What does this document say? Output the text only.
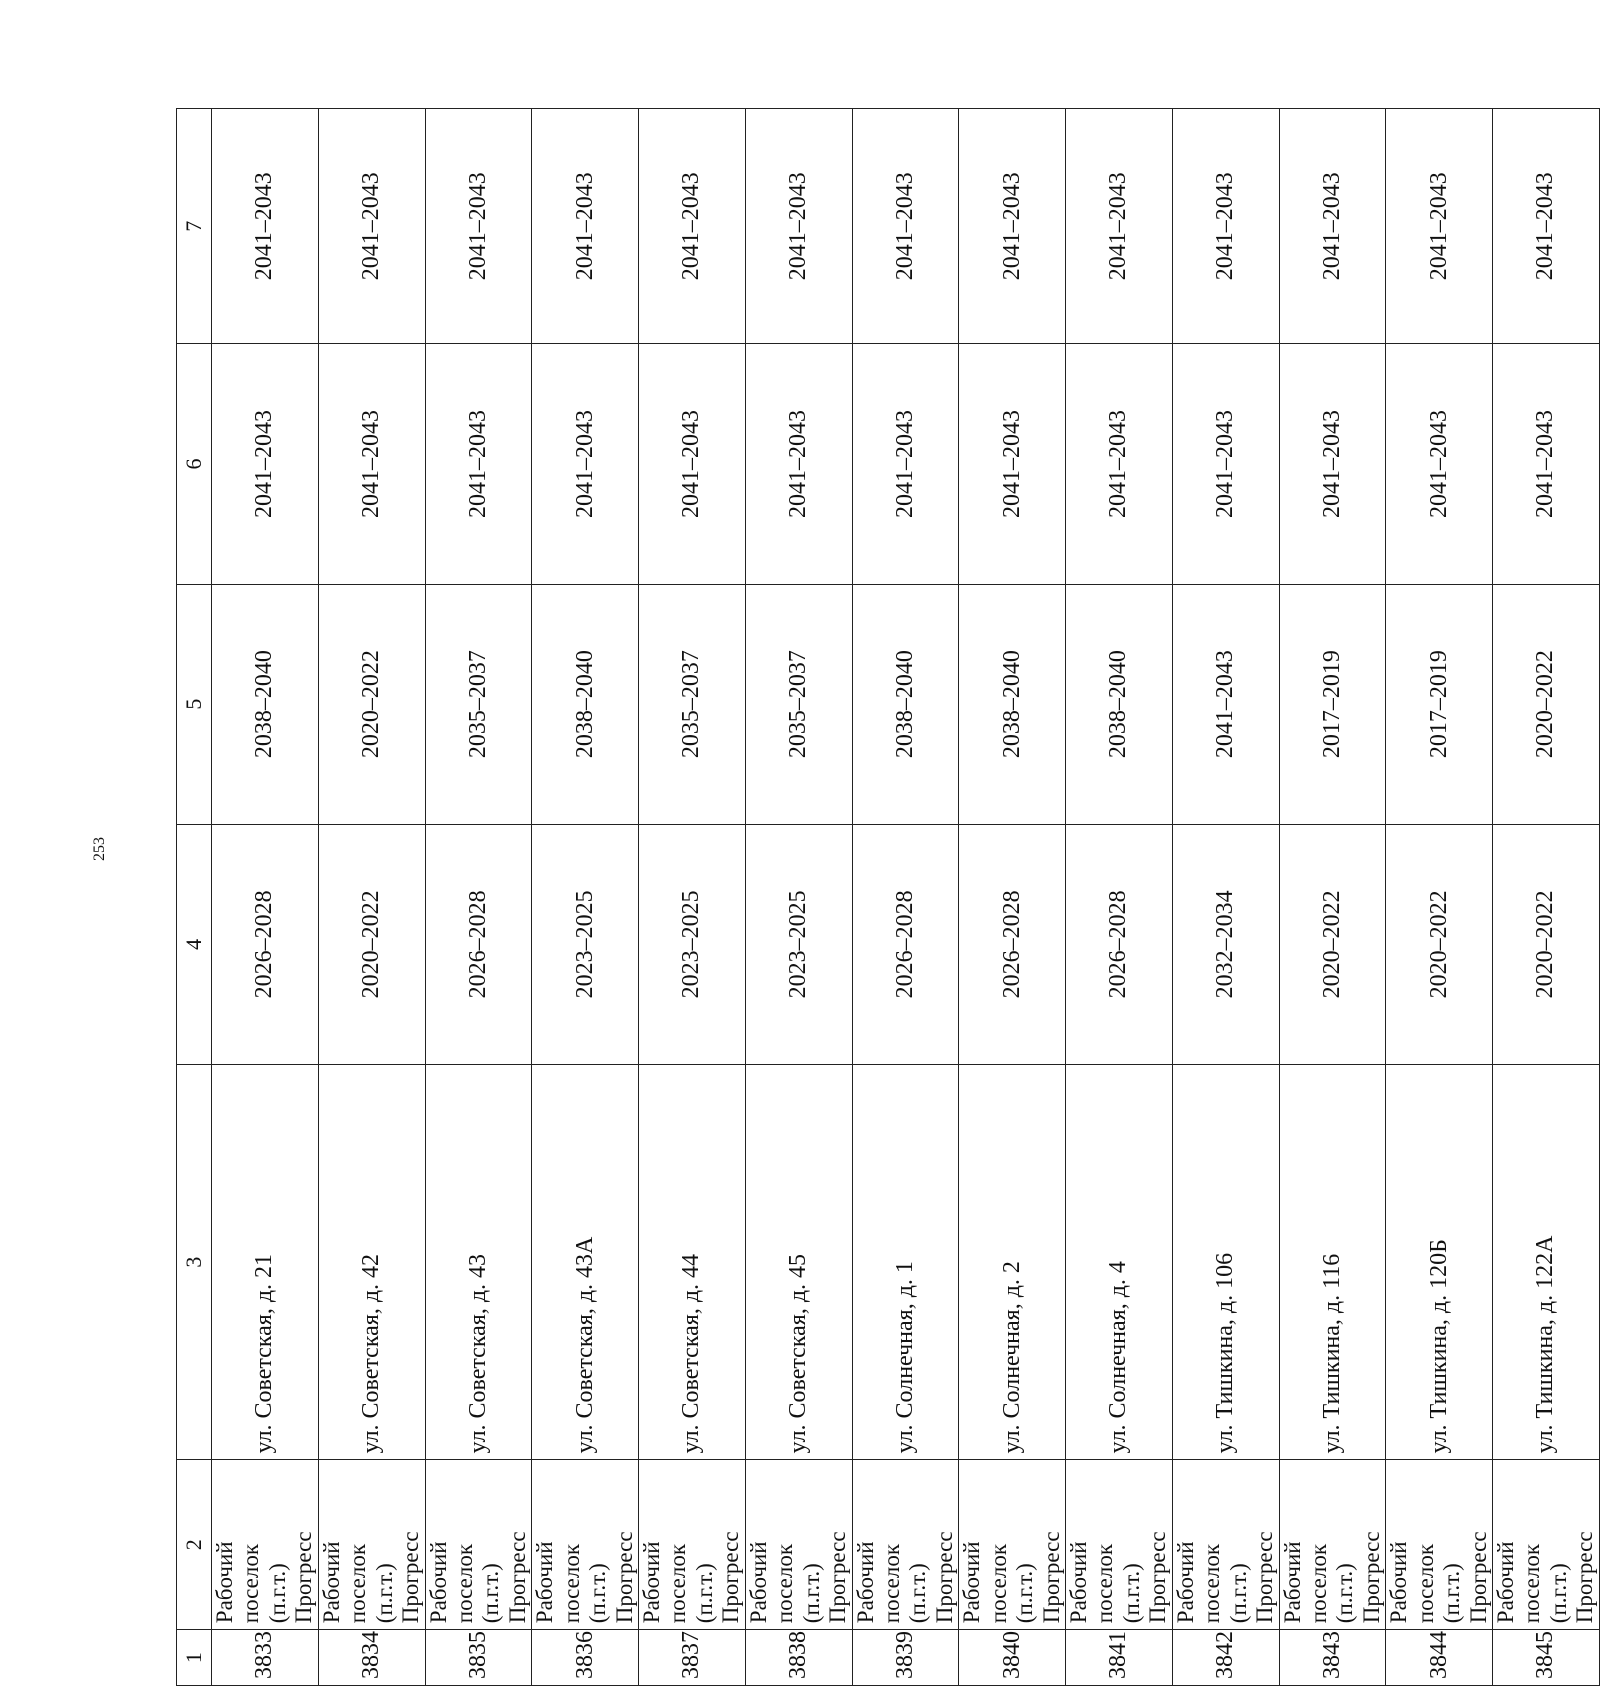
253
1	2	3	4	5	6	7
3833	Рабочий поселок (п.г.т.) Прогресс	ул. Советская, д. 21	2026–2028	2038–2040	2041–2043	2041–2043
3834	Рабочий поселок (п.г.т.) Прогресс	ул. Советская, д. 42	2020–2022	2020–2022	2041–2043	2041–2043
3835	Рабочий поселок (п.г.т.) Прогресс	ул. Советская, д. 43	2026–2028	2035–2037	2041–2043	2041–2043
3836	Рабочий поселок (п.г.т.) Прогресс	ул. Советская, д. 43А	2023–2025	2038–2040	2041–2043	2041–2043
3837	Рабочий поселок (п.г.т.) Прогресс	ул. Советская, д. 44	2023–2025	2035–2037	2041–2043	2041–2043
3838	Рабочий поселок (п.г.т.) Прогресс	ул. Советская, д. 45	2023–2025	2035–2037	2041–2043	2041–2043
3839	Рабочий поселок (п.г.т.) Прогресс	ул. Солнечная, д. 1	2026–2028	2038–2040	2041–2043	2041–2043
3840	Рабочий поселок (п.г.т.) Прогресс	ул. Солнечная, д. 2	2026–2028	2038–2040	2041–2043	2041–2043
3841	Рабочий поселок (п.г.т.) Прогресс	ул. Солнечная, д. 4	2026–2028	2038–2040	2041–2043	2041–2043
3842	Рабочий поселок (п.г.т.) Прогресс	ул. Тишкина, д. 106	2032–2034	2041–2043	2041–2043	2041–2043
3843	Рабочий поселок (п.г.т.) Прогресс	ул. Тишкина, д. 116	2020–2022	2017–2019	2041–2043	2041–2043
3844	Рабочий поселок (п.г.т.) Прогресс	ул. Тишкина, д. 120Б	2020–2022	2017–2019	2041–2043	2041–2043
3845	Рабочий поселок (п.г.т.) Прогресс	ул. Тишкина, д. 122А	2020–2022	2020–2022	2041–2043	2041–2043
